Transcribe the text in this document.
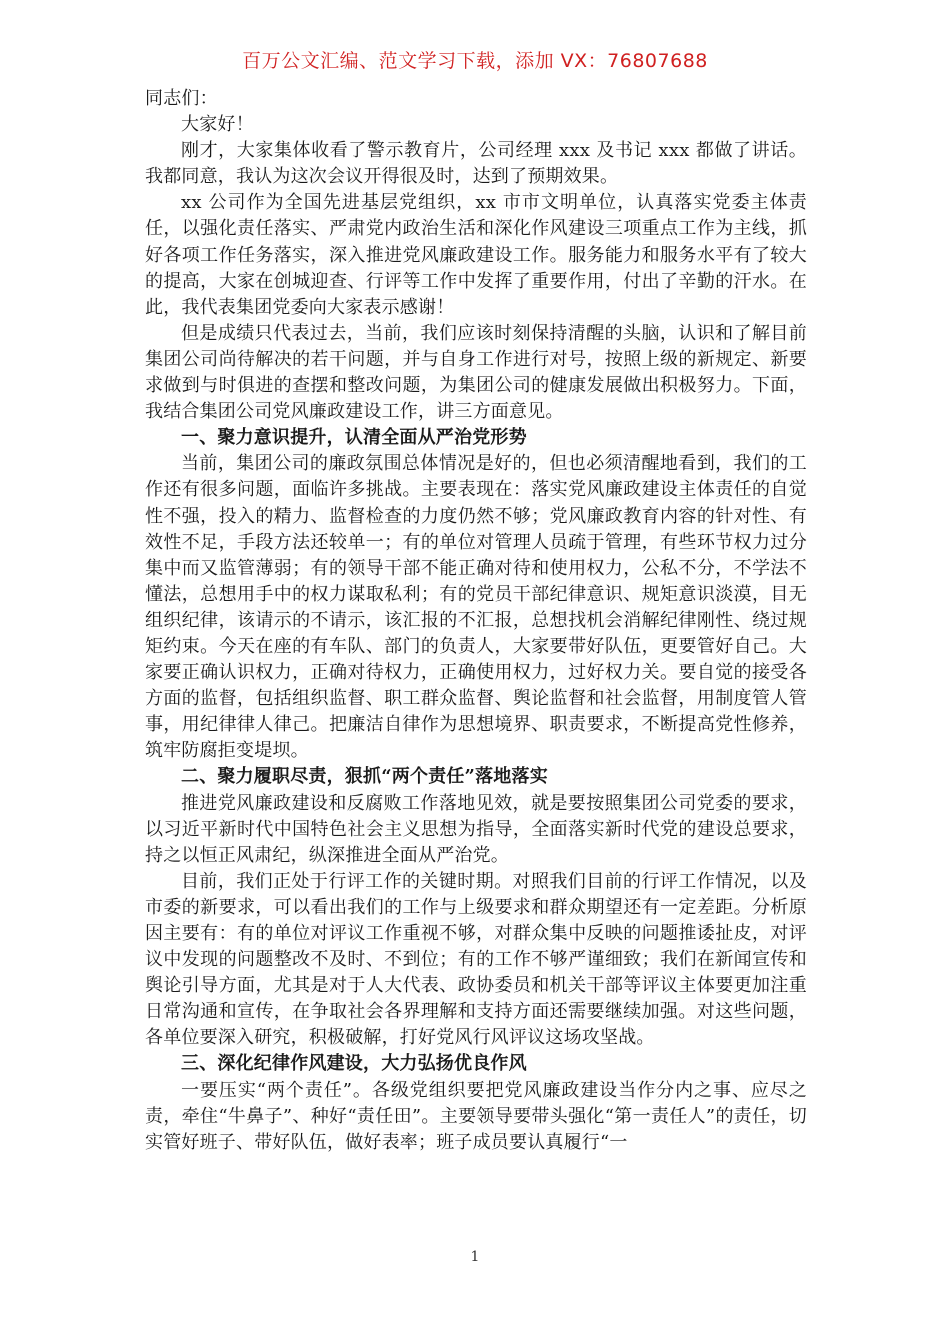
百万公文汇编、范文学习下载，添加 VX：76807688

同志们：

大家好！

刚才，大家集体收看了警示教育片，公司经理 xxx 及书记 xxx 都做了讲话。我都同意，我认为这次会议开得很及时，达到了预期效果。

xx 公司作为全国先进基层党组织，xx 市市文明单位，认真落实党委主体责任，以强化责任落实、严肃党内政治生活和深化作风建设三项重点工作为主线，抓好各项工作任务落实，深入推进党风廉政建设工作。服务能力和服务水平有了较大的提高，大家在创城迎查、行评等工作中发挥了重要作用，付出了辛勤的汗水。在此，我代表集团党委向大家表示感谢！

但是成绩只代表过去，当前，我们应该时刻保持清醒的头脑，认识和了解目前集团公司尚待解决的若干问题，并与自身工作进行对号，按照上级的新规定、新要求做到与时俱进的查摆和整改问题，为集团公司的健康发展做出积极努力。下面，我结合集团公司党风廉政建设工作，讲三方面意见。

一、聚力意识提升，认清全面从严治党形势

当前，集团公司的廉政氛围总体情况是好的，但也必须清醒地看到，我们的工作还有很多问题，面临许多挑战。主要表现在：落实党风廉政建设主体责任的自觉性不强，投入的精力、监督检查的力度仍然不够；党风廉政教育内容的针对性、有效性不足，手段方法还较单一；有的单位对管理人员疏于管理，有些环节权力过分集中而又监管薄弱；有的领导干部不能正确对待和使用权力，公私不分，不学法不懂法，总想用手中的权力谋取私利；有的党员干部纪律意识、规矩意识淡漠，目无组织纪律，该请示的不请示，该汇报的不汇报，总想找机会消解纪律刚性、绕过规矩约束。今天在座的有车队、部门的负责人，大家要带好队伍，更要管好自己。大家要正确认识权力，正确对待权力，正确使用权力，过好权力关。要自觉的接受各方面的监督，包括组织监督、职工群众监督、舆论监督和社会监督，用制度管人管事，用纪律律人律己。把廉洁自律作为思想境界、职责要求，不断提高党性修养，筑牢防腐拒变堤坝。

二、聚力履职尽责，狠抓“两个责任”落地落实

推进党风廉政建设和反腐败工作落地见效，就是要按照集团公司党委的要求，以习近平新时代中国特色社会主义思想为指导，全面落实新时代党的建设总要求，持之以恒正风肃纪，纵深推进全面从严治党。

目前，我们正处于行评工作的关键时期。对照我们目前的行评工作情况，以及市委的新要求，可以看出我们的工作与上级要求和群众期望还有一定差距。分析原因主要有：有的单位对评议工作重视不够，对群众集中反映的问题推诿扯皮，对评议中发现的问题整改不及时、不到位；有的工作不够严谨细致；我们在新闻宣传和舆论引导方面，尤其是对于人大代表、政协委员和机关干部等评议主体要更加注重日常沟通和宣传，在争取社会各界理解和支持方面还需要继续加强。对这些问题，各单位要深入研究，积极破解，打好党风行风评议这场攻坚战。

三、深化纪律作风建设，大力弘扬优良作风

一要压实“两个责任”。各级党组织要把党风廉政建设当作分内之事、应尽之责，牵住“牛鼻子”、种好“责任田”。主要领导要带头强化“第一责任人”的责任，切实管好班子、带好队伍，做好表率；班子成员要认真履行“一

1
